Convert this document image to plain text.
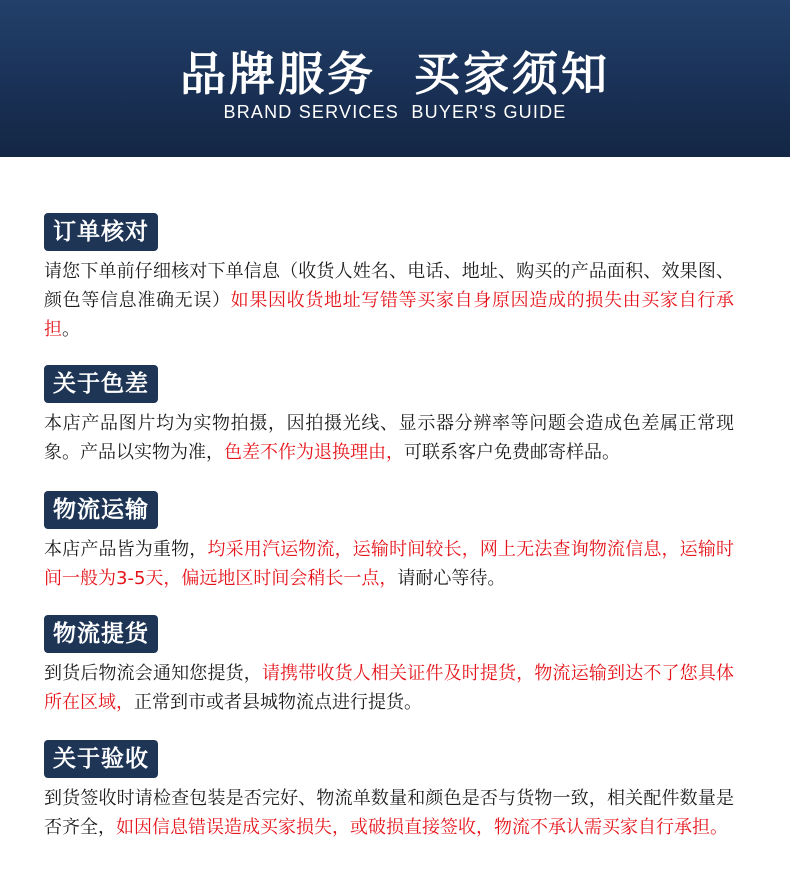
品牌服务  买家须知
BRAND SERVICES  BUYER'S GUIDE
订单核对
请您下单前仔细核对下单信息（收货人姓名、电话、地址、购买的产品面积、效果图、颜色等信息准确无误）如果因收货地址写错等买家自身原因造成的损失由买家自行承担。
关于色差
本店产品图片均为实物拍摄，因拍摄光线、显示器分辨率等问题会造成色差属正常现象。产品以实物为准，色差不作为退换理由，可联系客户免费邮寄样品。
物流运输
本店产品皆为重物，均采用汽运物流，运输时间较长，网上无法查询物流信息，运输时间一般为3-5天，偏远地区时间会稍长一点，请耐心等待。
物流提货
到货后物流会通知您提货，请携带收货人相关证件及时提货，物流运输到达不了您具体所在区域，正常到市或者县城物流点进行提货。
关于验收
到货签收时请检查包装是否完好、物流单数量和颜色是否与货物一致，相关配件数量是否齐全，如因信息错误造成买家损失，或破损直接签收，物流不承认需买家自行承担。
